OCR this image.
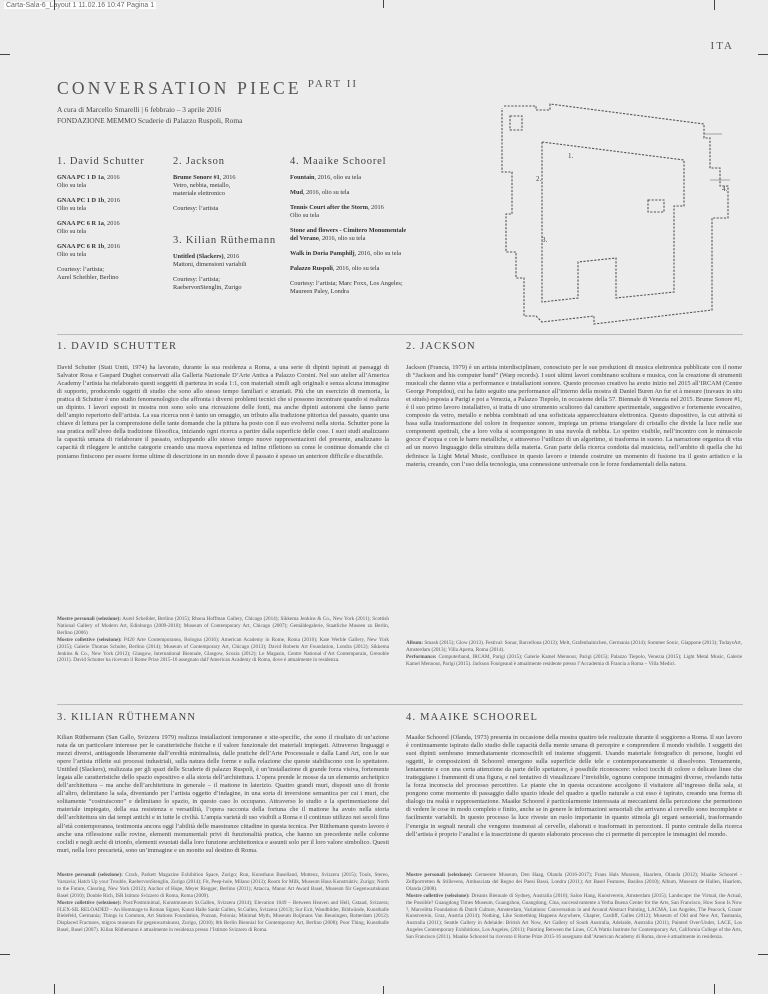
Carta-Sala-6_Layout 1 11.02.16 10:47 Pagina 1
ITA
CONVERSATION PIECE $^{PART II}$
A cura di Marcello Smarelli | 6 febbraio – 3 aprile 2016
FONDAZIONE MEMMO Scuderie di Palazzo Ruspoli, Roma
1. David Schutter
GNAA PC 1 D 1a, 2016
Olio su tela
GNAA PC 1 D 1b, 2016
Olio su tela
GNAA PC 6 R 1a, 2016
Olio su tela
GNAA PC 6 R 1b, 2016
Olio su tela
Courtesy: l’artista;
Aurel Scheibler, Berlino
2. Jackson
Brume Sonore #1, 2016
Vetro, nebbia, metallo,
materiale elettronico
Courtesy: l’artista
3. Kilian Rüthemann
Untitled (Slackers), 2016
Mattoni, dimensioni variabili
Courtesy: l’artista;
RaebervonStenglin, Zurigo
4. Maaike Schoorel
Fountain, 2016, olio su tela
Mud, 2016, olio su tela
Tennis Court after the Storm, 2016
Olio su tela
Stone and flowers - Cimitero Monumentale
del Verano, 2016, olio su tela
Walk in Doria Pamphilj, 2016, olio su tela
Palazzo Ruspoli, 2016, olio su tela
Courtesy: l’artista; Marc Foxx, Los Angeles;
Maureen Paley, Londra
1.
2.
3.
4.
1. DAVID SCHUTTER

David Schutter (Stati Uniti, 1974) ha lavorato, durante la sua residenza a Roma, a una serie di dipinti ispirati ai paesaggi di Salvator Rosa e Gaspard Dughet conservati alla Galleria Nazionale D’Arte Antica a Palazzo Corsini. Nel suo atelier all’America Academy l’artista ha rielaborato questi soggetti di partenza in scala 1:1, con materiali simili agli originali e senza alcuna immagine di supporto, producendo oggetti di studio che sono allo stesso tempo familiari e straniati. Più che un esercizio di memoria, la pratica di Schutter è uno studio fenomenologico che affronta i diversi problemi tecnici che si possono incontrare quando si realizza un dipinto. I lavori esposti in mostra non sono solo una ricreazione delle fonti, ma anche dipinti autonomi che fanno parte dell’ampio repertorio dell’artista. La sua ricerca non è tanto un omaggio, un tributo alla tradizione pittorica del passato, quanto una chiave di lettura per la comprensione delle tante domande che la pittura ha posto con il suo evolversi nella storia. Schutter pone la sua pratica nell’alveo della tradizione filosofica, iniziando ogni ricerca a partire dalla superficie delle cose. I suoi studi analizzano la capacità umana di rielaborare il passato, sviluppando allo stesso tempo nuove rappresentazioni del presente, analizzano la capacità di rileggere le antiche categorie creando una nuova esperienza ed infine riflettono su come le continue domande che ci poniamo finiscono per essere forme ultime di descrizione in un mondo dove il passato è spesso un anteriore difficile e discutibile.

Mostre personali (selezione): Aurel Scheibler, Berlino (2015); Rhona Hoffman Gallery, Chicago (2014); Sikkema Jenkins & Co., New York (2011); Scottish National Gallery of Modern Art, Edinburgo (2009-2010); Museum of Contemporary Art, Chicago (2007); Gemäldegalerie, Staatliche Museen zu Berlin, Berlino (2006)
Mostre collettive (selezione): P420 Arte Contemporanea, Bologna (2016); American Academy in Rome, Roma (2016); Kate Werble Gallery, New York (2015); Galerie Thomas Schulte, Berlino (2014); Museum of Contemporary Art, Chicago (2013); David Roberts Art Foundation, Londra (2012); Sikkema Jenkins & Co., New York (2012); Glasgow, International Biennale, Glasgow, Scozia (2012); Le Magasin, Centre National d’Art Contemporain, Grenoble (2011). David Schutter ha ricevuto il Rome Prize 2015-16 assegnato dall’American Academy di Roma, dove è attualmente in residenza.

2. JACKSON

Jackson (Francia, 1979) è un artista interdisciplinare, conosciuto per le sue produzioni di musica elettronica pubblicate con il nome di “Jackson and his computer band” (Warp records). I suoi ultimi lavori combinano scultura e musica, con la creazione di strumenti musicali che danno vita a performance e installazioni sonore. Questo processo creativo ha avuto inizio nel 2015 all’IRCAM (Centre George Pompidou), cui ha fatto seguito una performance all’interno della mostra di Daniel Buren An fur et à mesure (travaux in situ et situés) esposta a Parigi e poi a Venezia, a Palazzo Tiepolo, in occasione della 57. Biennale di Venezia nel 2015. Brume Sonore #1, è il suo primo lavoro installativo, si tratta di uno strumento scultoreo dal carattere sperimentale, suggestivo e fortemente evocativo, composto da vetro, metallo e nebbia combinati ad una sofisticata apparecchiatura elettronica. Questo dispositivo, la cui attività si basa sulla trasformazione del colore in frequenze sonore, impiega un prisma triangolare di cristallo che divide la luce nelle sue componenti spettrali, che a loro volta si scompongono in una nuvola di nebbia. Lo spettro visibile, nell’incontro con le minuscole gocce d’acqua e con le barre metalliche, e attraverso l’utilizzo di un algoritmo, si trasforma in suono. La narrazione organica di vita ad un nuovo linguaggio della struttura della materia. Gran parte della ricerca condotta dal musicista, nell’ambito di quella che lui definisce la Light Metal Music, confluisce in questo lavoro e intende costruire un momento di fusione tra il gesto artistico e la materia, creando, con l’uso della tecnologia, una connessione universale con le forze fondamentali della natura.

Album: Smash (2015); Glow (2013). Festival: Sonar, Barcellona (2013); Melt, Grafenhainichen, Germania (2014); Summer Sonic, Giappone (2013); TodaysArt, Amsterdam (2013); Villa Aperta, Roma (2014).
Performance: Computerband, IRCAM, Parigi (2015); Galerie Kamel Mennour, Parigi (2015); Palazzo Tiepolo, Venezia (2015); Light Metal Music, Galerie Kamel Mennour, Parigi (2015). Jackson Fourgeaud è attualmente residente presso l’Accademia di Francia a Roma – Villa Medici.

3. KILIAN RÜTHEMANN

Kilian Rüthemann (San Gallo, Svizzera 1979) realizza installazioni temporanee e site-specific, che sono il risultato di un’azione nata da un particolare interesse per le caratteristiche fisiche e il valore funzionale dei materiali impiegati. Attraverso linguaggi e mezzi diversi, antitagonde liberamente dall’eredità minimalista, dalle pratiche dell’Arte Processuale e dalla Land Art, con le sue opere l’artista riflette sui processi industriali, sulla natura delle forme e sulla relazione che queste stabiliscono con lo spettatore. Untitled (Slackers), realizzata per gli spazi delle Scuderie di palazzo Ruspoli, è un’installazione di grande forza visiva, fortemente legata alle caratteristiche dello spazio espositivo e alla storia dell’architettura. L’opera prende le mosse da un elemento archetipico dell’architettura – ma anche dell’architettura in generale – il mattone in laterizio. Quattro grandi muri, disposti uno di fronte all’altro, delimitano la sala, diventando per l’artista oggetto d’indagine, in una sorta di inversione semantica per cui i muri, che solitamente “costruiscono” e delimitano lo spazio, in questo caso lo occupano. Attraverso lo studio e la sperimentazione del materiale impiegato, della sua resistenza e versatilità, l’opera racconta della fortuna che il mattone ha avuto nella storia dell’architettura sin dai tempi antichi e in tutte le civiltà. L’ampia varietà di uso visibili a Roma e il continuo utilizzo nei secoli fino all’età contemporanea, testimonia ancora oggi l’abilità delle maestranze cittadine in questa tecnica. Per Rüthemann questo lavoro è anche una riflessione sulle rovine, elementi monumentali privi di funzionalità pratica, che hanno un precedente nelle colonne coclidi e negli archi di trionfo, elementi svuotati dalla loro funzione architettonica e assunti solo per il loro valore simbolico. Questi muri, nella loro precarietà, sono un’immagine e un monito sul destino di Roma.

Mostre personali (selezione): Crack, Parkett Magazine Exhibition Space, Zurigo; Run, Kunsthaus Baselland, Muttenz, Svizzera (2015); Tools, Stereo, Varsavia; Hatch Up your Trouble, RaebervonStenglin, Zurigo (2014); Fit, Peep-hole, Milano (2013); Room for Milk, Museum Haus Konstruktiv, Zurigo; North to the Future, Clearing, New York (2012); Anchor of Hope, Meyer Riegger, Berlino (2011); Attacca, Manor Art Award Basel, Museum für Gegenwartskunst Basel (2010); Double Rich, ISR Istituto Svizzero di Roma, Roma (2009).
Mostre collettive (selezione): Post/Postminimal, Kunstmuseum St.Gallen, Svizzera (2014); Elevation 1049 – Between Heaven and Hell, Gstaad, Svizzera; FLEX-SIL RELOADED – An Hommage to Roman Signer, Kunst Halle Sankt Gallen, St.Gallen, Svizzera (2013); Sur Exit, Wandbilder, Bildwände, Kunsthalle Bielefeld, Germania; Things in Common, Art Stations Foundation, Poznan, Polonia; Minimal Myth, Museum Boijmans Van Beuningen, Rotterdam (2012); Displaced Fractures, migros museum für gegenwartskunst, Zurigo, (2010); 8th Berlin Biennial for Contemporary Art, Berlino (2008); Poor Thing, Kunsthalle Basel, Basel (2007). Kilian Rüthemann è attualmente in residenza presso l’Istituto Svizzero di Roma.

4. MAAIKE SCHOOREL

Maaike Schoorel (Olanda, 1973) presenta in occasione della mostra quattro tele realizzate durante il soggiorno a Roma. Il suo lavoro è continuamente ispirato dallo studio delle capacità della mente umana di percepire e comprendere il mondo visibile. I soggetti dei suoi dipinti sembrano immediatamente riconoscibili ed insieme sfuggenti. Usando materiale fotografico di persone, luoghi ed oggetti, le composizioni di Schoorel emergono sulla superficie delle tele e contemporaneamente si dissolvono. Tenuemente, lentamente e con una certa attenzione da parte dello spettatore, è possibile riconoscere: veloci tocchi di colore o delicate linee che tratteggiano i frammenti di una figura, e nel tentativo di visualizzare l’invisibile, ognuno compone immagini diverse, rivelando tutta la forza inconscia del processo percettivo. Le piante che in questa occasione accolgono il visitatore all’ingresso della sala, si pongono come momento di passaggio dallo spazio ideale del quadro a quello naturale a cui esso è ispirato, creando una forma di dialogo tra realtà e rappresentazione. Maaike Schoorel è particolarmente interessata ai meccanismi della percezione che permettono di vedere le cose in modo completo e finito, anche se in genere le informazioni sensoriali che arrivano al cervello sono incomplete e facilmente variabili. In questo processo la luce riveste un ruolo importante in quanto stimola gli organi sensoriali, trasformando l’energia in segnali neurali che vengono trasmessi al cervello, elaborati e trasformati in percezioni. Il punto centrale della ricerca dell’artista è proprio l’analisi e la trascrizione di questo elaborato processo che ci permette di percepire le immagini del mondo.

Mostre personali (selezione): Gemeente Museum, Den Haag, Olanda (2016-2017); Frans Hals Museum, Haarlem, Olanda (2012); Maaike Schoorel - Zelfportretten & Stillevens, Ambasciata del Regno dei Paesi Bassi, Londra (2011); Art Basel Features, Basilea (2010); Album, Museum de Hallen, Haarlem, Olanda (2008).
Mostre collettive (selezione): Dreams Biennale di Sydney, Australia (2016); Salon Hang, Kunstverein, Amsterdam (2015); Landscape: the Virtual, the Actual, the Possible? Guangdong Times Museum, Guangzhou, Guangdong, Cina, successivamente a Yerba Buena Center for the Arts, San Francisco, How Soon Is Now ?, Marcelitta Foundation & Dutch Culture, Amsterdam, Variations: Conversation in and Around Abstract Painting, LACMA, Los Angeles, The Peacock, Grazer Kunstverein, Graz, Austria (2014); Nothing, Like Something Happens Anywhere, Chapter, Cardiff, Galles (2012); Museum of Old and New Art, Tasmania, Australia (2011); Seattle Gallery in Adelaide: British Art Now, Art Gallery of South Australia, Adelaide, Australia (2011), Painted Over/Under, LACE, Los Angeles Contemporary Exhibitions, Los Angeles, (2011); Painting Between the Lines, CCA Wattis Institute for Contemporary Art, California College of the Arts, San Francisco (2011). Maaike Schoorel ha ricevuto il Rome Prize 2015-16 assegnato dall’American Academy di Roma, dove è attualmente in residenza.
